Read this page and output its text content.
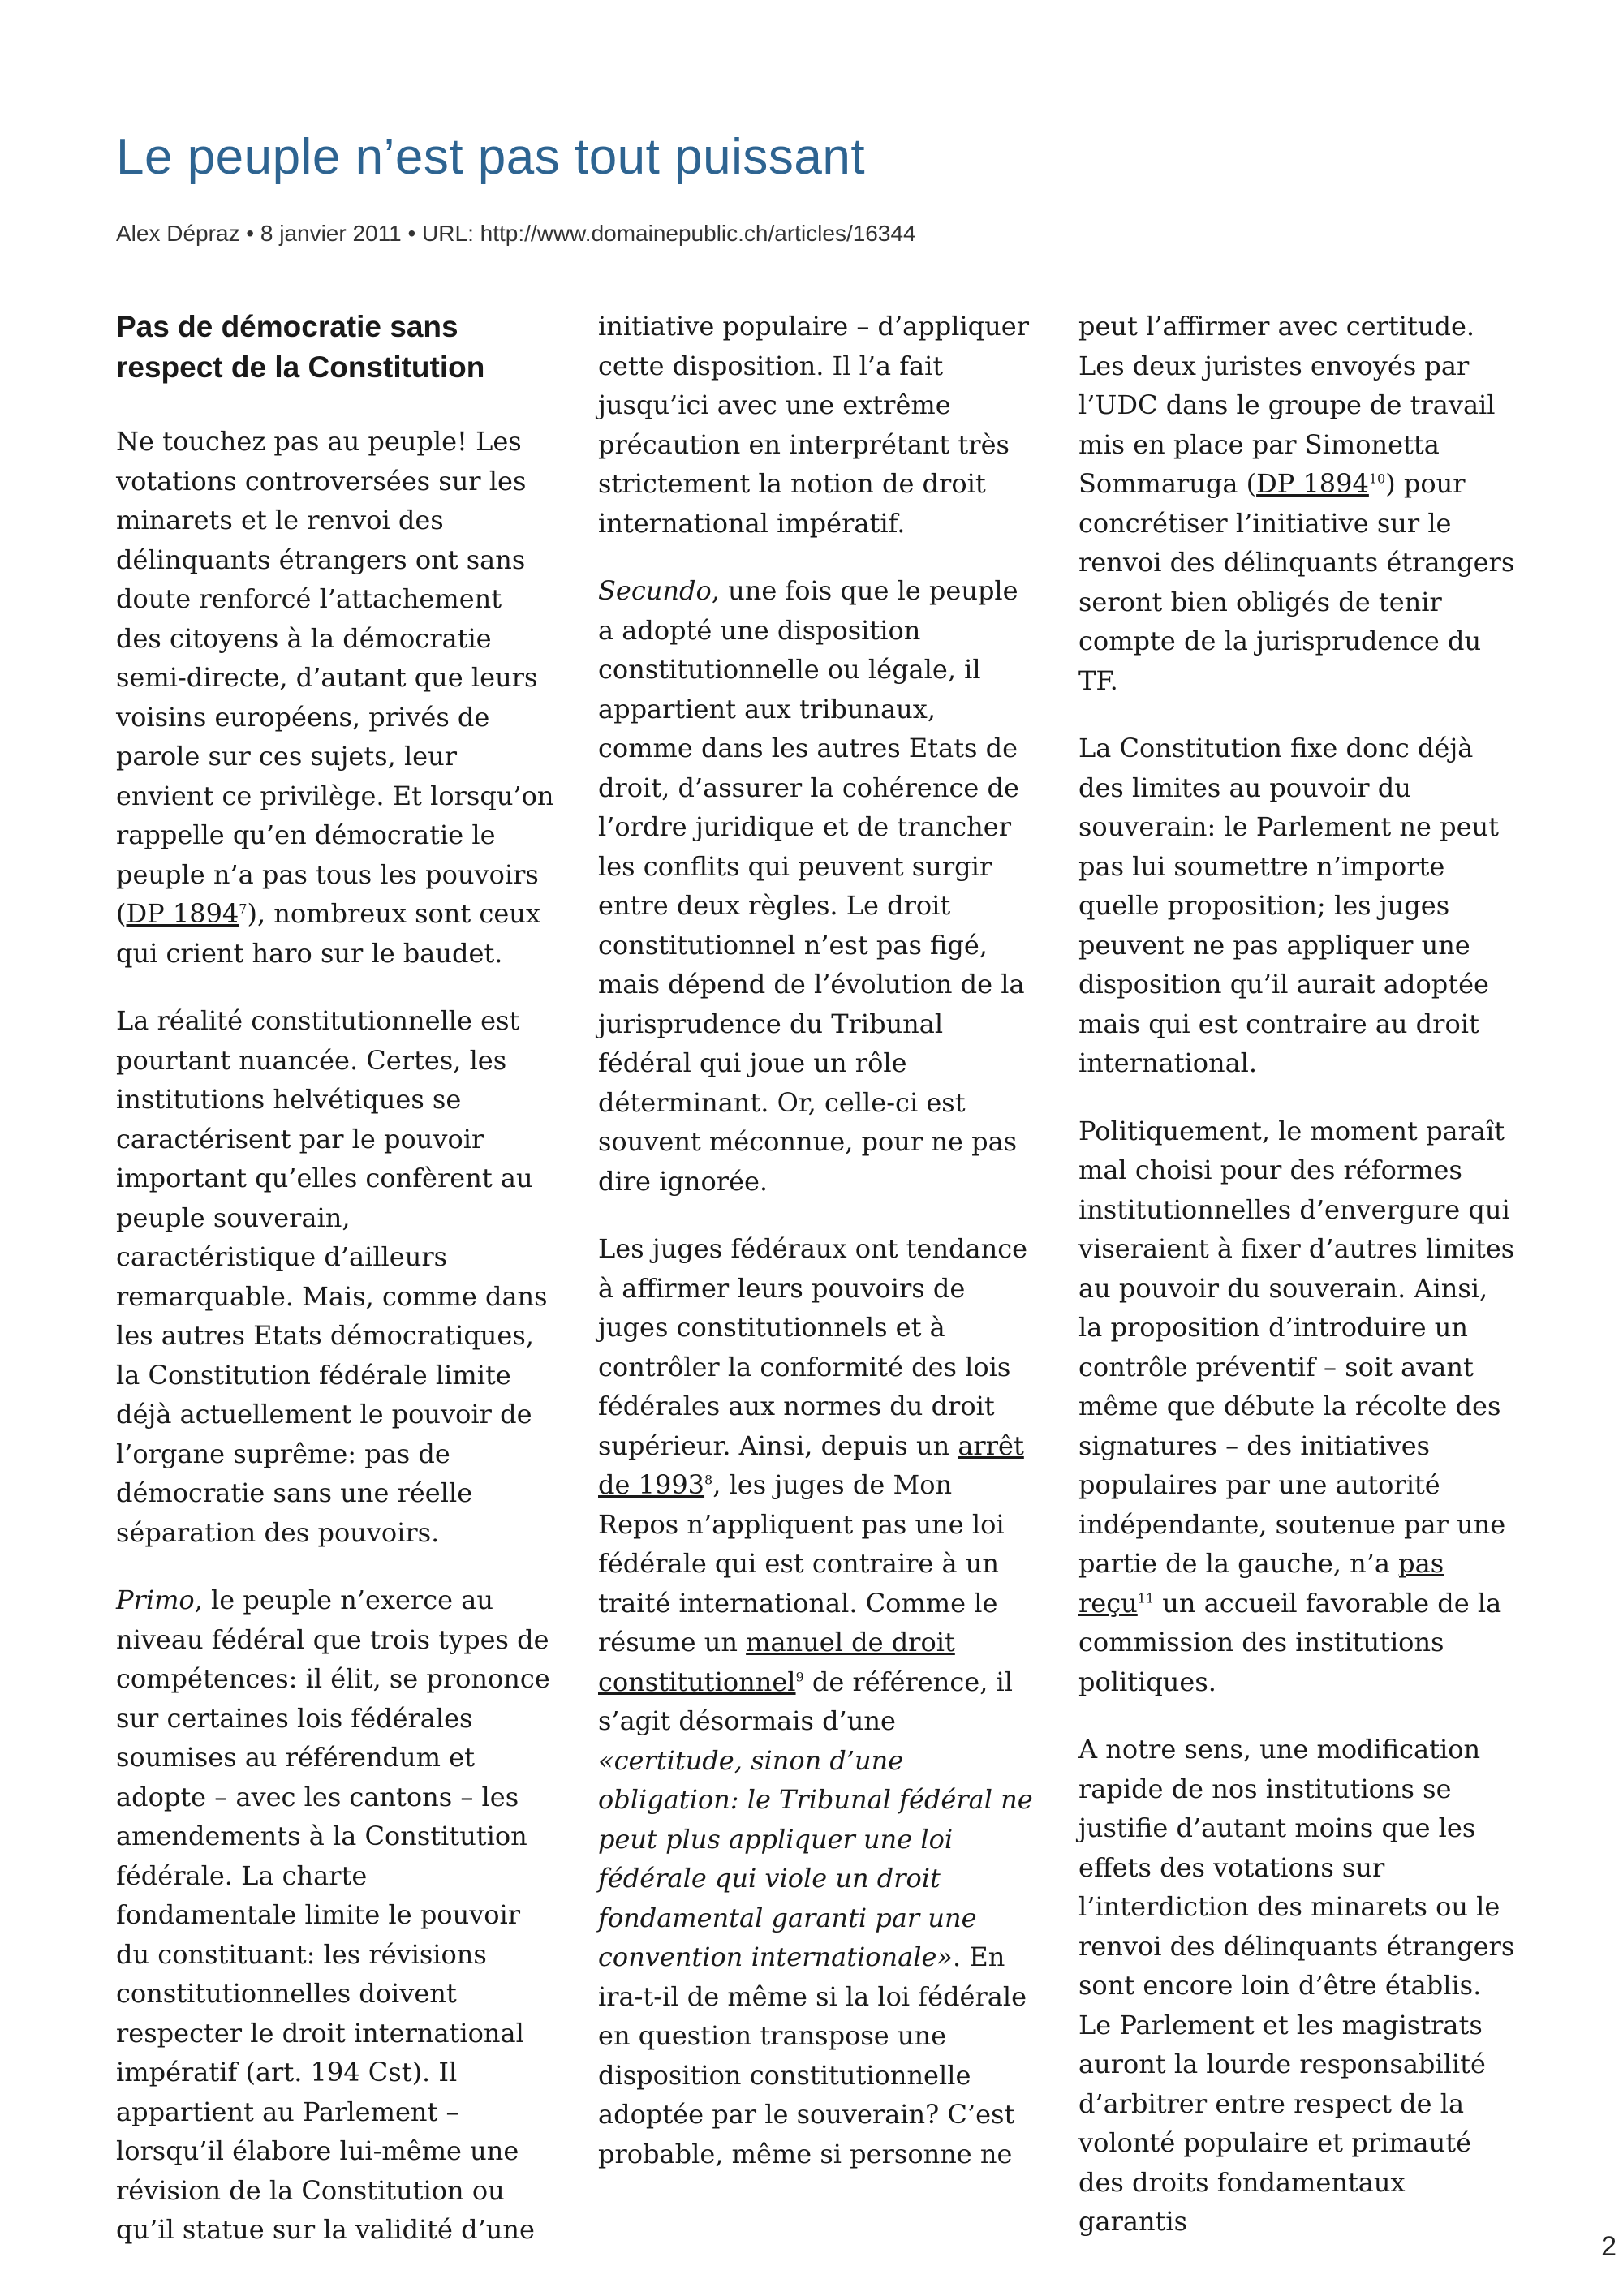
Le peuple n’est pas tout puissant
Alex Dépraz • 8 janvier 2011 • URL: http://www.domainepublic.ch/articles/16344
Pas de démocratie sans respect de la Constitution

Ne touchez pas au peuple! Les votations controversées sur les minarets et le renvoi des délinquants étrangers ont sans doute renforcé l’attachement des citoyens à la démocratie semi-directe, d’autant que leurs voisins européens, privés de parole sur ces sujets, leur envient ce privilège. Et lorsqu’on rappelle qu’en démocratie le peuple n’a pas tous les pouvoirs (DP 1894$^7$), nombreux sont ceux qui crient haro sur le baudet.

La réalité constitutionnelle est pourtant nuancée. Certes, les institutions helvétiques se caractérisent par le pouvoir important qu’elles confèrent au peuple souverain, caractéristique d’ailleurs remarquable. Mais, comme dans les autres Etats démocratiques, la Constitution fédérale limite déjà actuellement le pouvoir de l’organe suprême: pas de démocratie sans une réelle séparation des pouvoirs.

Primo, le peuple n’exerce au niveau fédéral que trois types de compétences: il élit, se prononce sur certaines lois fédérales soumises au référendum et adopte – avec les cantons – les amendements à la Constitution fédérale. La charte fondamentale limite le pouvoir du constituant: les révisions constitutionnelles doivent respecter le droit international impératif (art. 194 Cst). Il appartient au Parlement – lorsqu’il élabore lui-même une révision de la Constitution ou qu’il statue sur la validité d’une

initiative populaire – d’appliquer cette disposition. Il l’a fait jusqu’ici avec une extrême précaution en interprétant très strictement la notion de droit international impératif.

Secundo, une fois que le peuple a adopté une disposition constitutionnelle ou légale, il appartient aux tribunaux, comme dans les autres Etats de droit, d’assurer la cohérence de l’ordre juridique et de trancher les conflits qui peuvent surgir entre deux règles. Le droit constitutionnel n’est pas figé, mais dépend de l’évolution de la jurisprudence du Tribunal fédéral qui joue un rôle déterminant. Or, celle-ci est souvent méconnue, pour ne pas dire ignorée.

Les juges fédéraux ont tendance à affirmer leurs pouvoirs de juges constitutionnels et à contrôler la conformité des lois fédérales aux normes du droit supérieur. Ainsi, depuis un arrêt de 1993$^8$, les juges de Mon Repos n’appliquent pas une loi fédérale qui est contraire à un traité international. Comme le résume un manuel de droit constitutionnel$^9$ de référence, il s’agit désormais d’une «certitude, sinon d’une obligation: le Tribunal fédéral ne peut plus appliquer une loi fédérale qui viole un droit fondamental garanti par une convention internationale». En ira-t-il de même si la loi fédérale en question transpose une disposition constitutionnelle adoptée par le souverain? C’est probable, même si personne ne

peut l’affirmer avec certitude. Les deux juristes envoyés par l’UDC dans le groupe de travail mis en place par Simonetta Sommaruga (DP 1894$^{10}$) pour concrétiser l’initiative sur le renvoi des délinquants étrangers seront bien obligés de tenir compte de la jurisprudence du TF.

La Constitution fixe donc déjà des limites au pouvoir du souverain: le Parlement ne peut pas lui soumettre n’importe quelle proposition; les juges peuvent ne pas appliquer une disposition qu’il aurait adoptée mais qui est contraire au droit international.

Politiquement, le moment paraît mal choisi pour des réformes institutionnelles d’envergure qui viseraient à fixer d’autres limites au pouvoir du souverain. Ainsi, la proposition d’introduire un contrôle préventif – soit avant même que débute la récolte des signatures – des initiatives populaires par une autorité indépendante, soutenue par une partie de la gauche, n’a pas reçu$^{11}$ un accueil favorable de la commission des institutions politiques.

A notre sens, une modification rapide de nos institutions se justifie d’autant moins que les effets des votations sur l’interdiction des minarets ou le renvoi des délinquants étrangers sont encore loin d’être établis. Le Parlement et les magistrats auront la lourde responsabilité d’arbitrer entre respect de la volonté populaire et primauté des droits fondamentaux garantis

2
